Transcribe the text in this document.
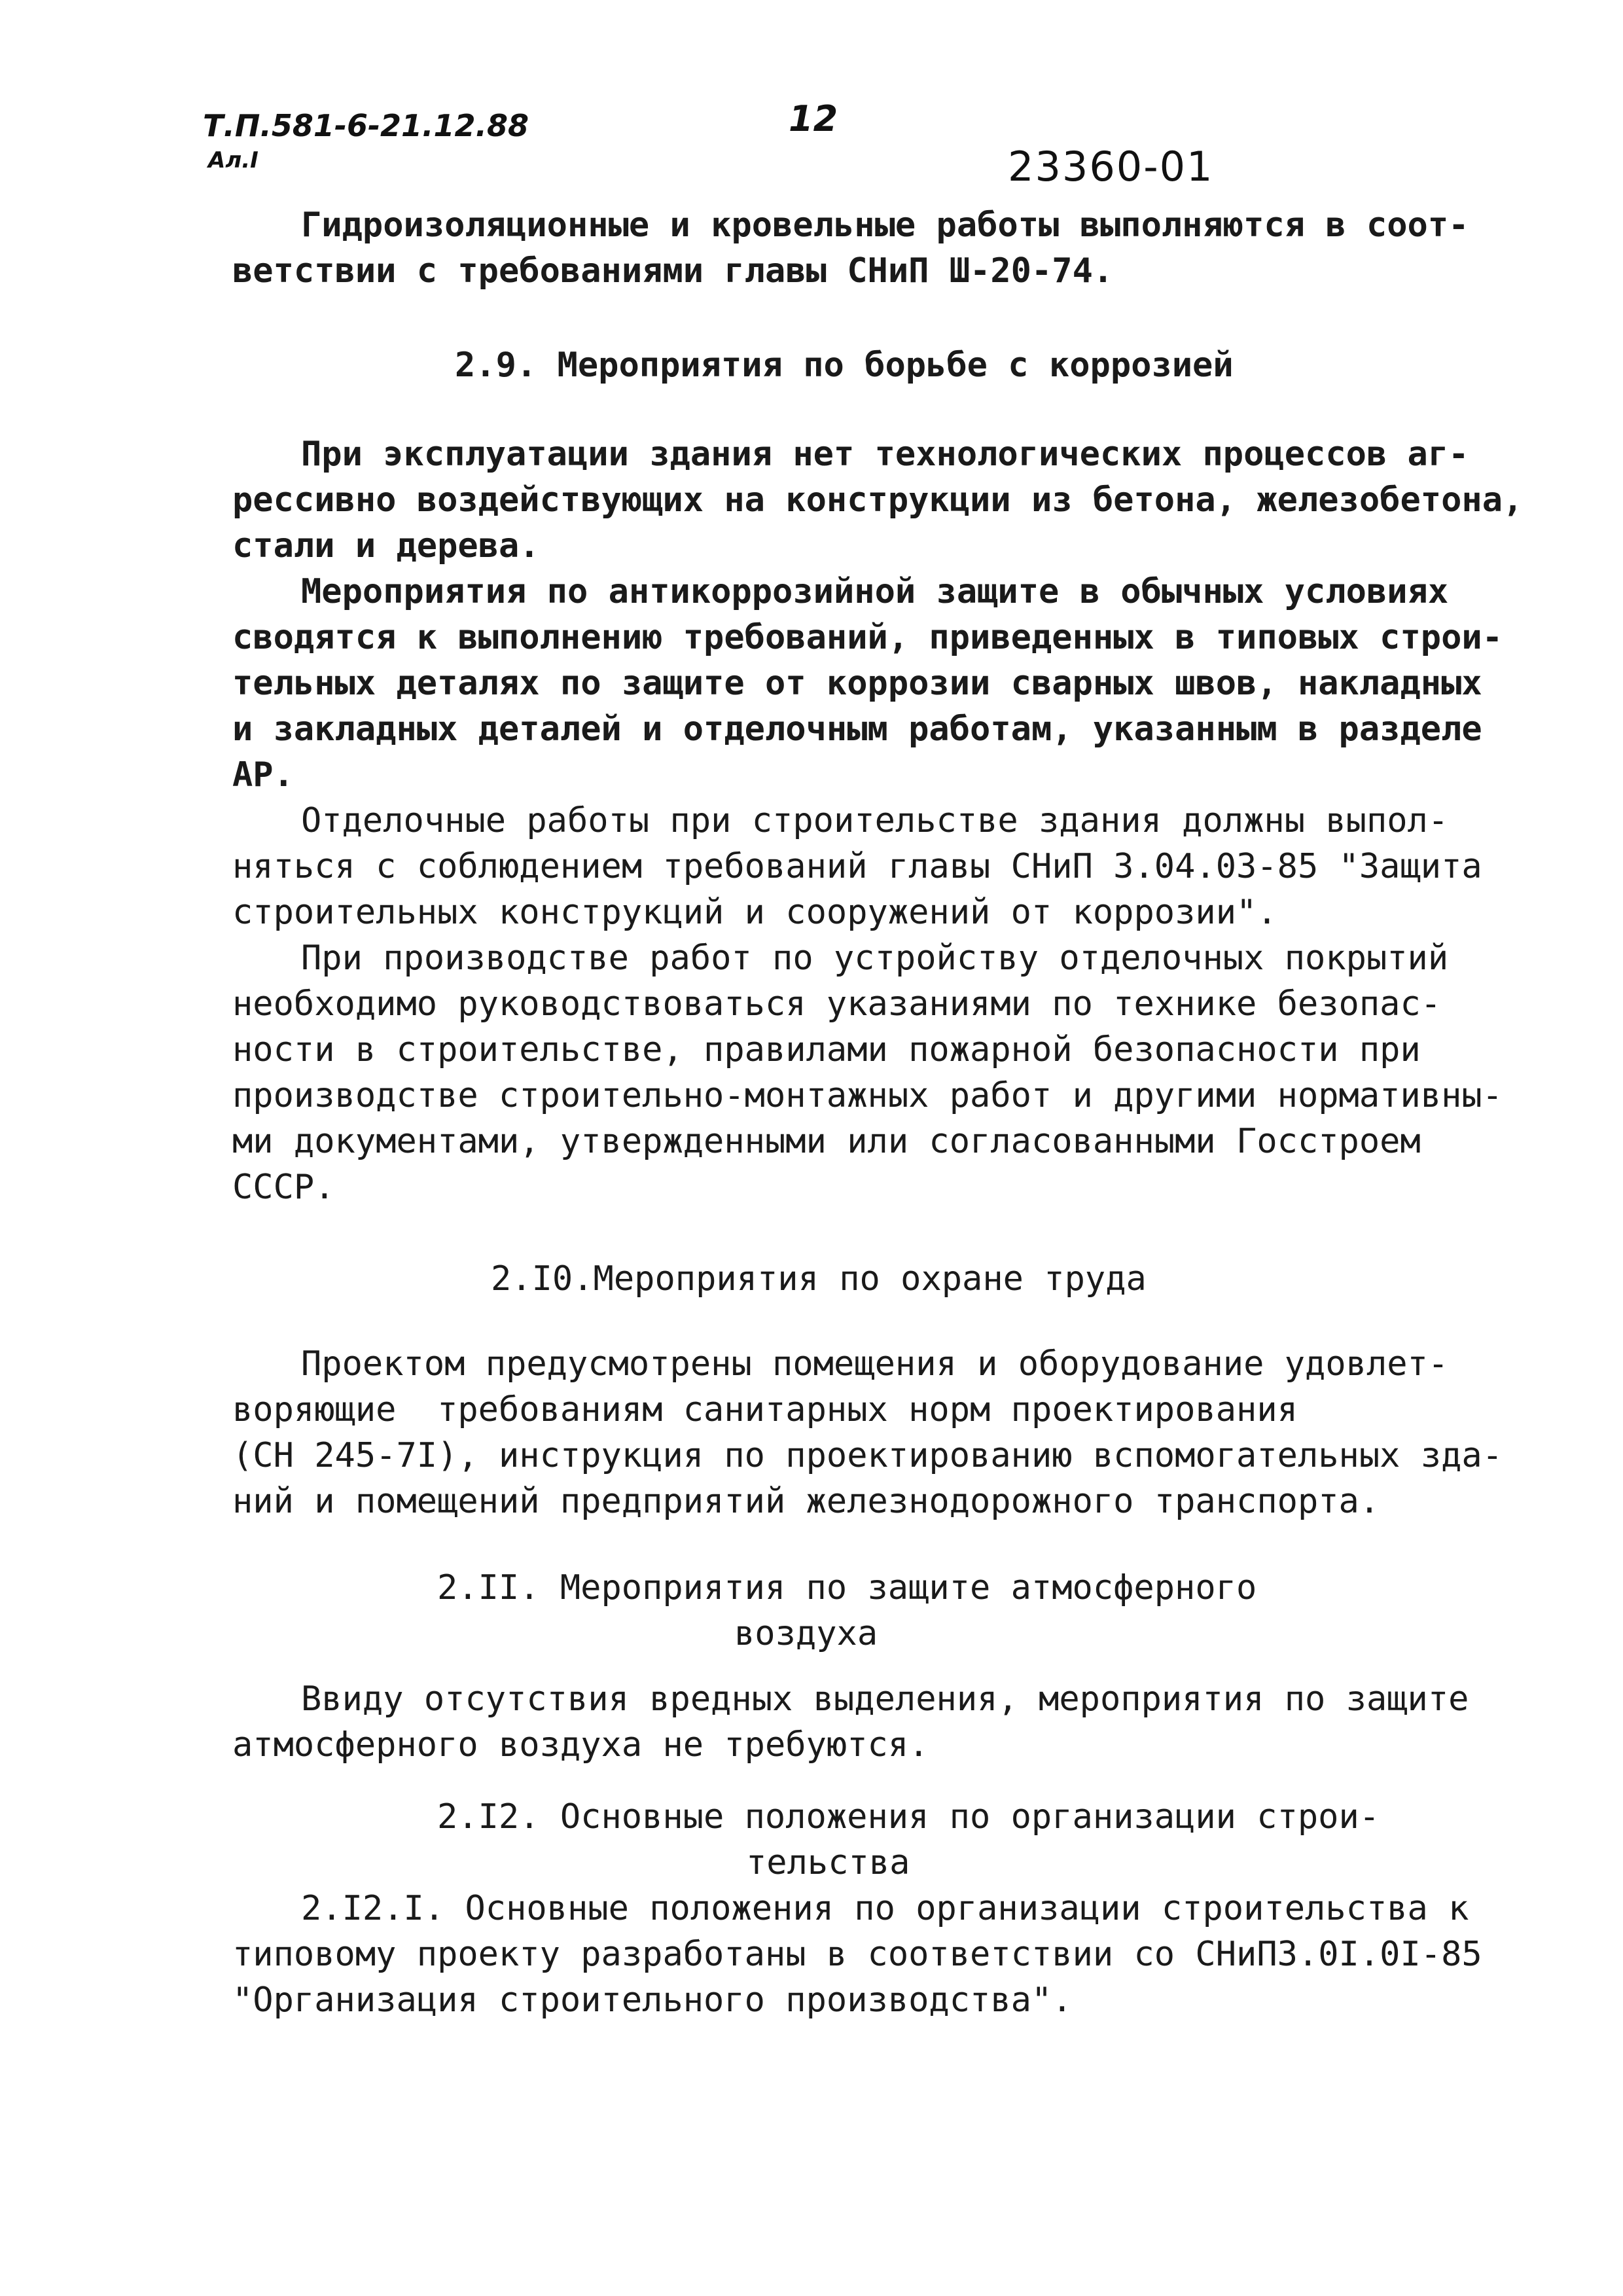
Т.П.581-6-21.12.88
Ал.I
12
23360-01
Гидроизоляционные и кровельные работы выполняются в соот-
ветствии с требованиями главы СНиП Ш-20-74.
2.9. Мероприятия по борьбе с коррозией
При эксплуатации здания нет технологических процессов аг-
рессивно воздействующих на конструкции из бетона, железобетона,
стали и дерева.
Мероприятия по антикоррозийной защите в обычных условиях
сводятся к выполнению требований, приведенных в типовых строи-
тельных деталях по защите от коррозии сварных швов, накладных
и закладных деталей и отделочным работам, указанным в разделе
АР.
Отделочные работы при строительстве здания должны выпол-
няться с соблюдением требований главы СНиП 3.04.03-85 "Защита
строительных конструкций и сооружений от коррозии".
При производстве работ по устройству отделочных покрытий
необходимо руководствоваться указаниями по технике безопас-
ности в строительстве, правилами пожарной безопасности при
производстве строительно-монтажных работ и другими нормативны-
ми документами, утвержденными или согласованными Госстроем
СССР.
2.I0.Мероприятия по охране труда
Проектом предусмотрены помещения и оборудование удовлет-
воряющие  требованиям санитарных норм проектирования
(СН 245-7I), инструкция по проектированию вспомогательных зда-
ний и помещений предприятий железнодорожного транспорта.
2.II. Мероприятия по защите атмосферного
воздуха
Ввиду отсутствия вредных выделения, мероприятия по защите
атмосферного воздуха не требуются.
2.I2. Основные положения по организации строи-
тельства
2.I2.I. Основные положения по организации строительства к
типовому проекту разработаны в соответствии со СНиП3.0I.0I-85
"Организация строительного производства".
